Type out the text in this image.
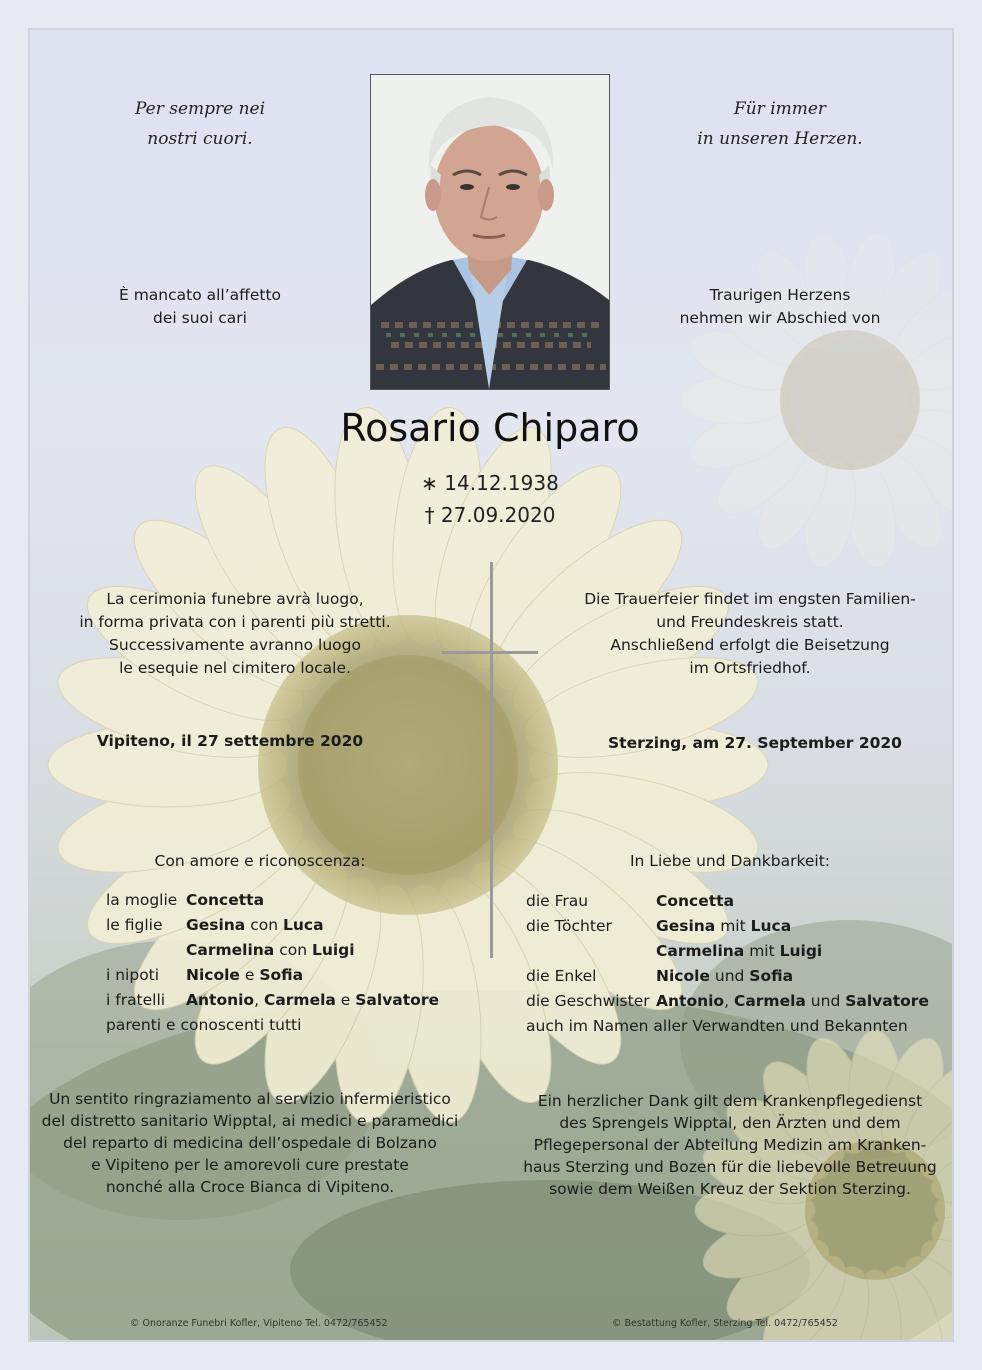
Per sempre nei
nostri cuori.
Für immer
in unseren Herzen.
È mancato all’affetto
dei suoi cari
Traurigen Herzens
nehmen wir Abschied von
Rosario Chiparo
∗ 14.12.1938
† 27.09.2020
La cerimonia funebre avrà luogo,
in forma privata con i parenti più stretti.
Successivamente avranno luogo
le esequie nel cimitero locale.
Die Trauerfeier findet im engsten Familien-
und Freundeskreis statt.
Anschließend erfolgt die Beisetzung
im Ortsfriedhof.
Vipiteno, il 27 settembre 2020	Sterzing, am 27. September 2020
Con amore e riconoscenza:	In Liebe und Dankbarkeit:
la moglie Concetta
le figlie	Gesina con Luca
Carmelina con Luigi
i nipoti	Nicole e Sofia
i fratelli	Antonio , Carmela e Salvatore
parenti e conoscenti tutti
die Frau	Concetta
die Töchter	Gesina mit Luca
Carmelina mit Luigi
die Enkel	Nicole und Sofia
die Geschwister Antonio , Carmela und Salvatore
auch im Namen aller Verwandten und Bekannten
Un sentito ringraziamento al servizio infermieristico
del distretto sanitario Wipptal, ai medici e paramedici
del reparto di medicina dell’ospedale di Bolzano
e Vipiteno per le amorevoli cure prestate
nonché alla Croce Bianca di Vipiteno.
Ein herzlicher Dank gilt dem Krankenpflegedienst
des Sprengels Wipptal, den Ärzten und dem
Pflegepersonal der Abteilung Medizin am Kranken-
haus Sterzing und Bozen für die liebevolle Betreuung
sowie dem Weißen Kreuz der Sektion Sterzing.
© Onoranze Funebri Kofler, Vipiteno Tel. 0472/765452	© Bestattung Kofler, Sterzing Tel. 0472/765452
